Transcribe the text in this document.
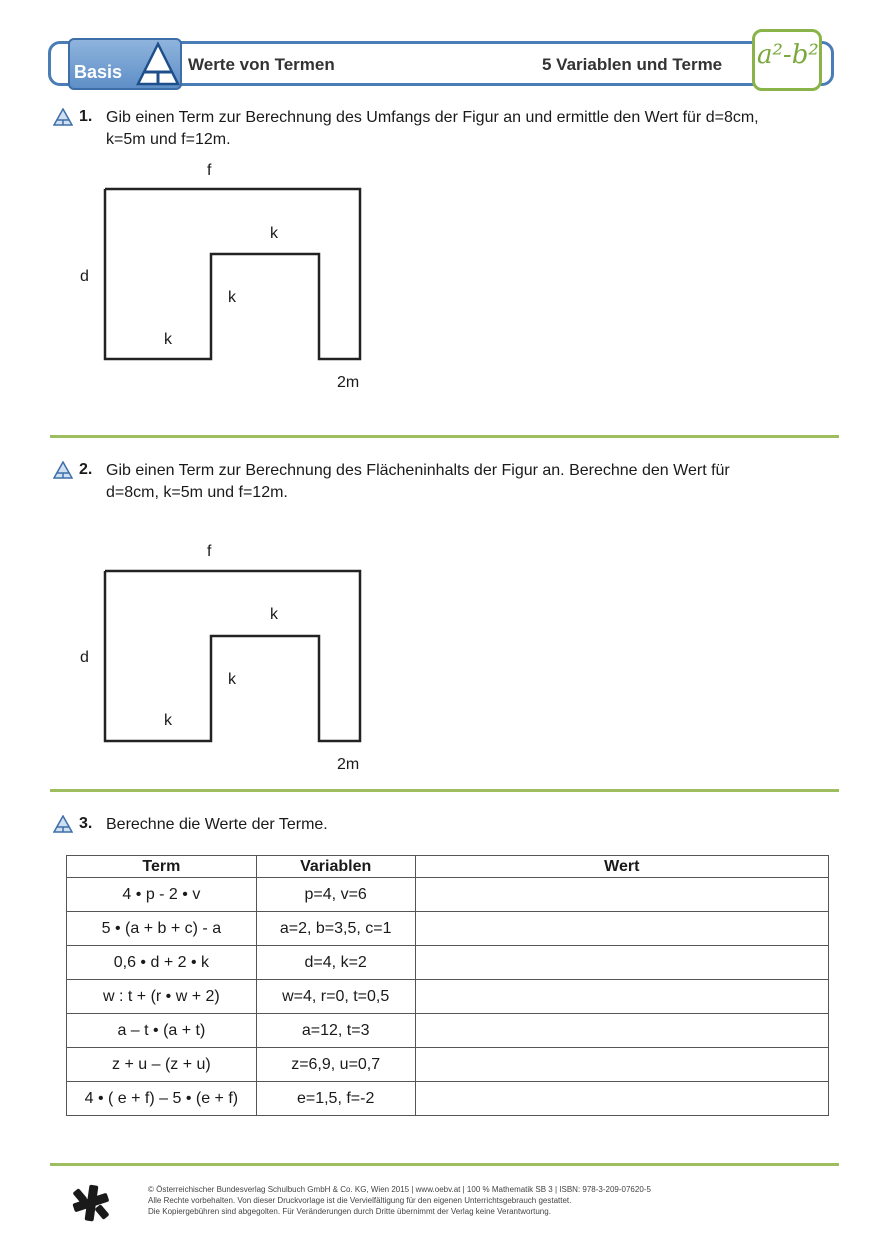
Basis	Werte von Termen	5 Variablen und Terme a²-b²
1. Gib einen Term zur Berechnung des Umfangs der Figur an und ermittle den Wert für d=8cm,
k=5m und f=12m.
f
d
k
k
k
2m
2. Gib einen Term zur Berechnung des Flächeninhalts der Figur an. Berechne den Wert für
d=8cm, k=5m und f=12m.
f
d
k
k
k
2m
3. Berechne die Werte der Terme.
Term	Variablen	Wert
4 • p - 2 • v	p=4, v=6	
5 • (a + b + c) - a	a=2, b=3,5, c=1	
0,6 • d + 2 • k	d=4, k=2	
w : t + (r • w + 2)	w=4, r=0, t=0,5	
a – t • (a + t)	a=12, t=3	
z + u – (z + u)	z=6,9, u=0,7	
4 • ( e + f) – 5 • (e + f)	e=1,5, f=-2	
© Österreichischer Bundesverlag Schulbuch GmbH & Co. KG, Wien 2015 | www.oebv.at | 100 % Mathematik SB 3 | ISBN: 978-3-209-07620-5
Alle Rechte vorbehalten. Von dieser Druckvorlage ist die Vervielfältigung für den eigenen Unterrichtsgebrauch gestattet.
Die Kopiergebühren sind abgegolten. Für Veränderungen durch Dritte übernimmt der Verlag keine Verantwortung.
